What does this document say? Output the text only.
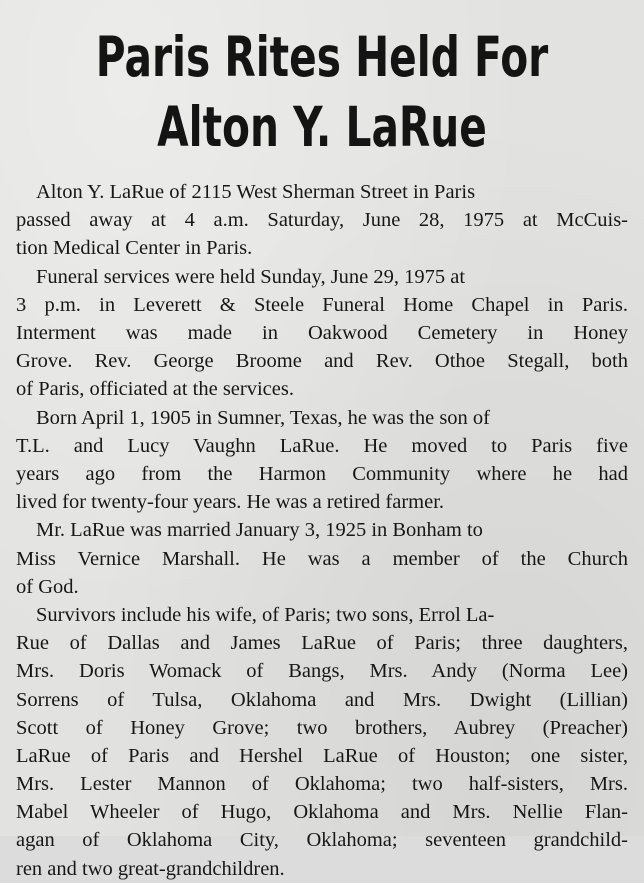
Paris Rites Held For
Alton Y. LaRue
Alton Y. LaRue of 2115 West Sherman Street in Paris
passed away at 4 a.m. Saturday, June 28, 1975 at McCuis-
tion Medical Center in Paris.
Funeral services were held Sunday, June 29, 1975 at
3 p.m. in Leverett & Steele Funeral Home Chapel in Paris.
Interment was made in Oakwood Cemetery in Honey
Grove. Rev. George Broome and Rev. Othoe Stegall, both
of Paris, officiated at the services.
Born April 1, 1905 in Sumner, Texas, he was the son of
T.L. and Lucy Vaughn LaRue. He moved to Paris five
years ago from the Harmon Community where he had
lived for twenty-four years. He was a retired farmer.
Mr. LaRue was married January 3, 1925 in Bonham to
Miss Vernice Marshall. He was a member of the Church
of God.
Survivors include his wife, of Paris; two sons, Errol La-
Rue of Dallas and James LaRue of Paris; three daughters,
Mrs. Doris Womack of Bangs, Mrs. Andy (Norma Lee)
Sorrens of Tulsa, Oklahoma and Mrs. Dwight (Lillian)
Scott of Honey Grove; two brothers, Aubrey (Preacher)
LaRue of Paris and Hershel LaRue of Houston; one sister,
Mrs. Lester Mannon of Oklahoma; two half-sisters, Mrs.
Mabel Wheeler of Hugo, Oklahoma and Mrs. Nellie Flan-
agan of Oklahoma City, Oklahoma; seventeen grandchild-
ren and two great-grandchildren.
